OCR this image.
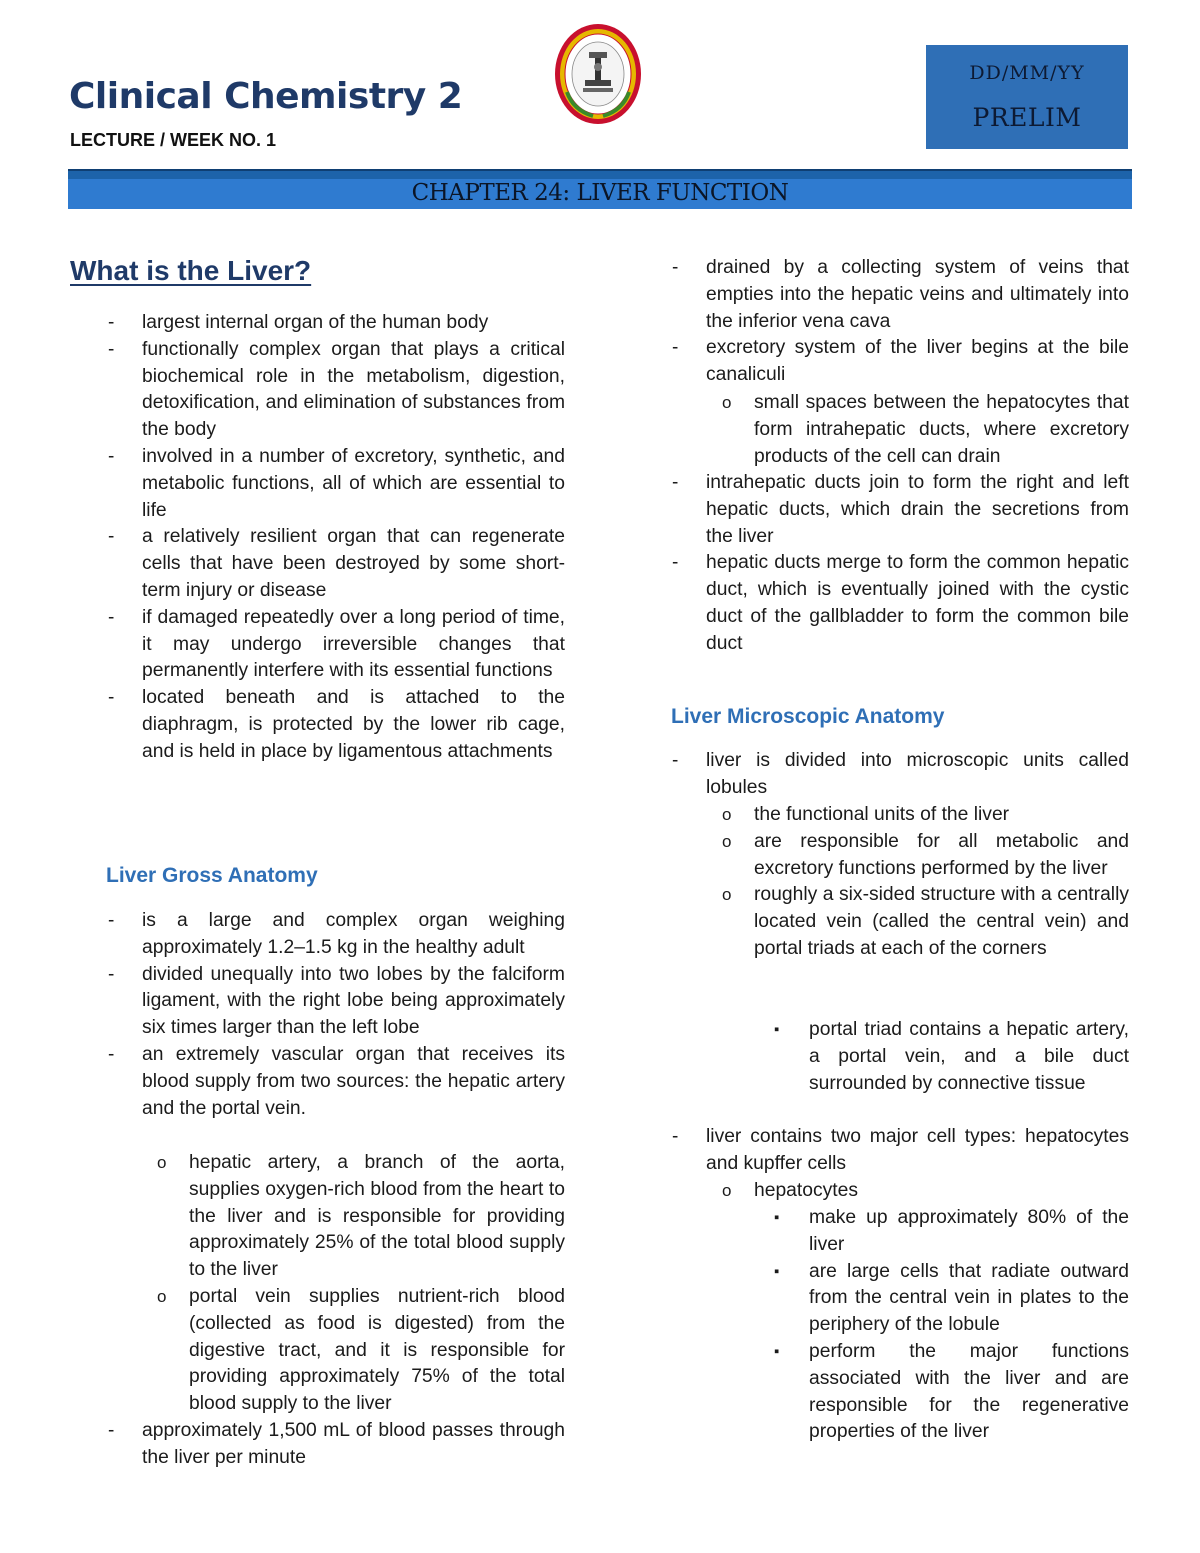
Clinical Chemistry 2
LECTURE / WEEK NO. 1
DD/MM/YY
PRELIM
CHAPTER 24: LIVER FUNCTION
What is the Liver?
- largest internal organ of the human body
- functionally complex organ that plays a critical biochemical role in the metabolism, digestion, detoxification, and elimination of substances from the body
- involved in a number of excretory, synthetic, and metabolic functions, all of which are essential to life
- a relatively resilient organ that can regenerate cells that have been destroyed by some short-term injury or disease
- if damaged repeatedly over a long period of time, it may undergo irreversible changes that permanently interfere with its essential functions
- located beneath and is attached to the diaphragm, is protected by the lower rib cage, and is held in place by ligamentous attachments
Liver Gross Anatomy
- is a large and complex organ weighing approximately 1.2–1.5 kg in the healthy adult
- divided unequally into two lobes by the falciform ligament, with the right lobe being approximately six times larger than the left lobe
- an extremely vascular organ that receives its blood supply from two sources: the hepatic artery and the portal vein.
o hepatic artery, a branch of the aorta, supplies oxygen-rich blood from the heart to the liver and is responsible for providing approximately 25% of the total blood supply to the liver
o portal vein supplies nutrient-rich blood (collected as food is digested) from the digestive tract, and it is responsible for providing approximately 75% of the total blood supply to the liver
- approximately 1,500 mL of blood passes through the liver per minute
- drained by a collecting system of veins that empties into the hepatic veins and ultimately into the inferior vena cava
- excretory system of the liver begins at the bile canaliculi
o small spaces between the hepatocytes that form intrahepatic ducts, where excretory products of the cell can drain
- intrahepatic ducts join to form the right and left hepatic ducts, which drain the secretions from the liver
- hepatic ducts merge to form the common hepatic duct, which is eventually joined with the cystic duct of the gallbladder to form the common bile duct
Liver Microscopic Anatomy
- liver is divided into microscopic units called lobules
o the functional units of the liver
o are responsible for all metabolic and excretory functions performed by the liver
o roughly a six-sided structure with a centrally located vein (called the central vein) and portal triads at each of the corners
▪ portal triad contains a hepatic artery, a portal vein, and a bile duct surrounded by connective tissue
- liver contains two major cell types: hepatocytes and kupffer cells
o hepatocytes
▪ make up approximately 80% of the liver
▪ are large cells that radiate outward from the central vein in plates to the periphery of the lobule
▪ perform the major functions associated with the liver and are responsible for the regenerative properties of the liver
